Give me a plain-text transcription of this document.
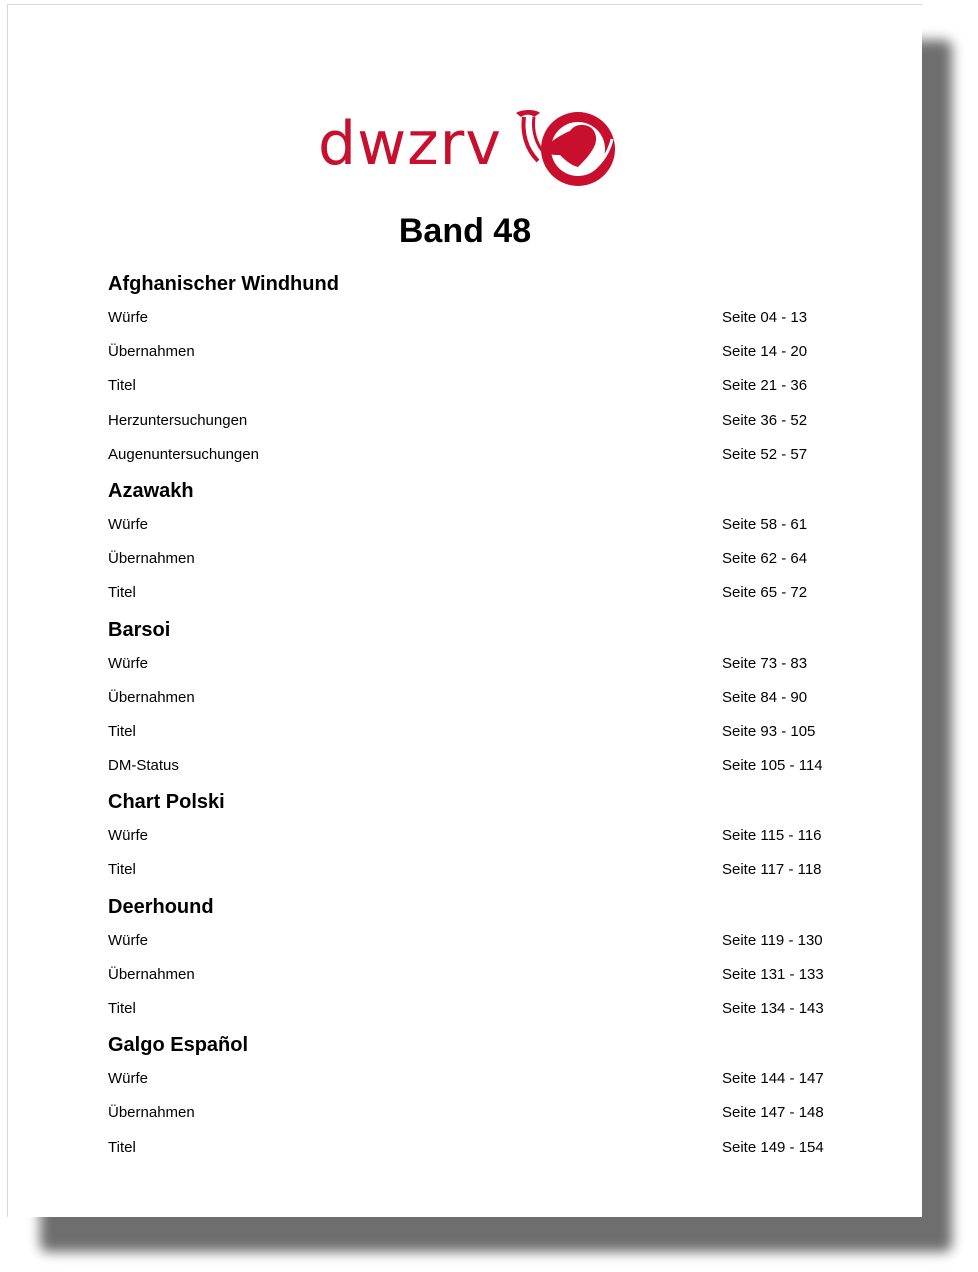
dwzrv
Band 48
Afghanischer Windhund
Würfe	Seite 04 - 13
Übernahmen	Seite 14 - 20
Titel	Seite 21 - 36
Herzuntersuchungen	Seite 36 - 52
Augenuntersuchungen	Seite 52 - 57
Azawakh
Würfe	Seite 58 - 61
Übernahmen	Seite 62 - 64
Titel	Seite 65 - 72
Barsoi
Würfe	Seite 73 - 83
Übernahmen	Seite 84 - 90
Titel	Seite 93 - 105
DM-Status	Seite 105 - 114
Chart Polski
Würfe	Seite 115 - 116
Titel	Seite 117 - 118
Deerhound
Würfe	Seite 119 - 130
Übernahmen	Seite 131 - 133
Titel	Seite 134 - 143
Galgo Español
Würfe	Seite 144 - 147
Übernahmen	Seite 147 - 148
Titel	Seite 149 - 154
